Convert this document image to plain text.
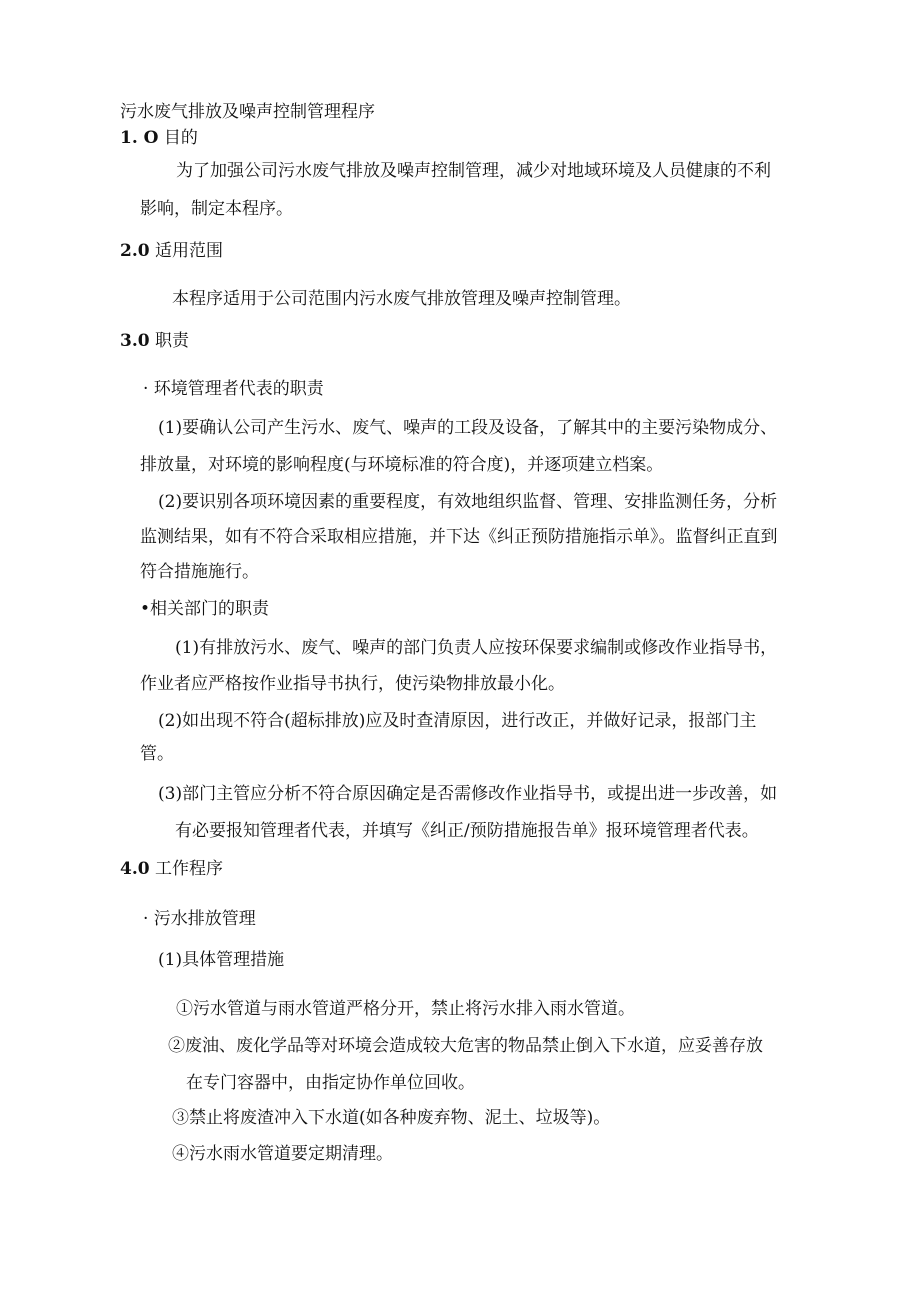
污水废气排放及噪声控制管理程序

1. O 目的

为了加强公司污水废气排放及噪声控制管理，减少对地域环境及人员健康的不利

影响，制定本程序。

2.0 适用范围

本程序适用于公司范围内污水废气排放管理及噪声控制管理。

3.0 职责

· 环境管理者代表的职责

(1)要确认公司产生污水、废气、噪声的工段及设备，了解其中的主要污染物成分、

排放量，对环境的影响程度(与环境标准的符合度)，并逐项建立档案。

(2)要识别各项环境因素的重要程度，有效地组织监督、管理、安排监测任务，分析

监测结果，如有不符合采取相应措施，并下达《纠正预防措施指示单》。监督纠正直到

符合措施施行。

•相关部门的职责

(1)有排放污水、废气、噪声的部门负责人应按环保要求编制或修改作业指导书，

作业者应严格按作业指导书执行，使污染物排放最小化。

(2)如出现不符合(超标排放)应及时查清原因，进行改正，并做好记录，报部门主

管。

(3)部门主管应分析不符合原因确定是否需修改作业指导书，或提出进一步改善，如

有必要报知管理者代表，并填写《纠正/预防措施报告单》报环境管理者代表。

4.0 工作程序

· 污水排放管理

(1)具体管理措施

①污水管道与雨水管道严格分开，禁止将污水排入雨水管道。

②废油、废化学品等对环境会造成较大危害的物品禁止倒入下水道，应妥善存放

在专门容器中，由指定协作单位回收。

③禁止将废渣冲入下水道(如各种废弃物、泥土、垃圾等)。

④污水雨水管道要定期清理。
